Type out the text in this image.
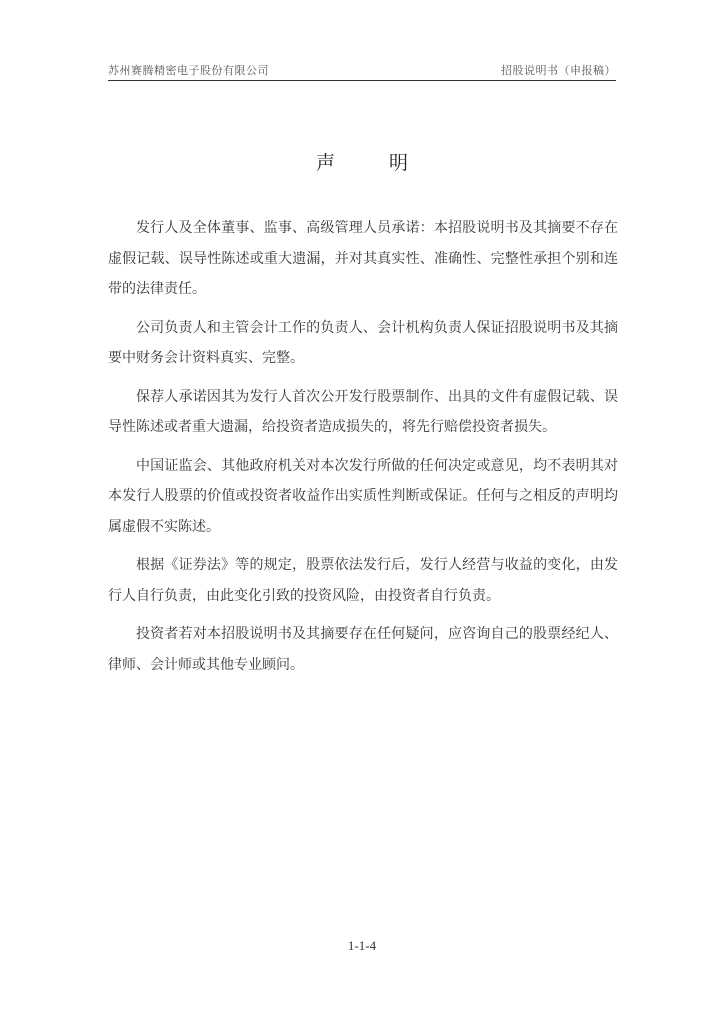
苏州赛腾精密电子股份有限公司	招股说明书（申报稿）
声 明

发行人及全体董事、监事、高级管理人员承诺：本招股说明书及其摘要不存在虚假记载、误导性陈述或重大遗漏，并对其真实性、准确性、完整性承担个别和连带的法律责任。

公司负责人和主管会计工作的负责人、会计机构负责人保证招股说明书及其摘要中财务会计资料真实、完整。

保荐人承诺因其为发行人首次公开发行股票制作、出具的文件有虚假记载、误导性陈述或者重大遗漏，给投资者造成损失的，将先行赔偿投资者损失。

中国证监会、其他政府机关对本次发行所做的任何决定或意见，均不表明其对本发行人股票的价值或投资者收益作出实质性判断或保证。任何与之相反的声明均属虚假不实陈述。

根据《证券法》等的规定，股票依法发行后，发行人经营与收益的变化，由发行人自行负责，由此变化引致的投资风险，由投资者自行负责。

投资者若对本招股说明书及其摘要存在任何疑问，应咨询自己的股票经纪人、律师、会计师或其他专业顾问。

1-1-4
